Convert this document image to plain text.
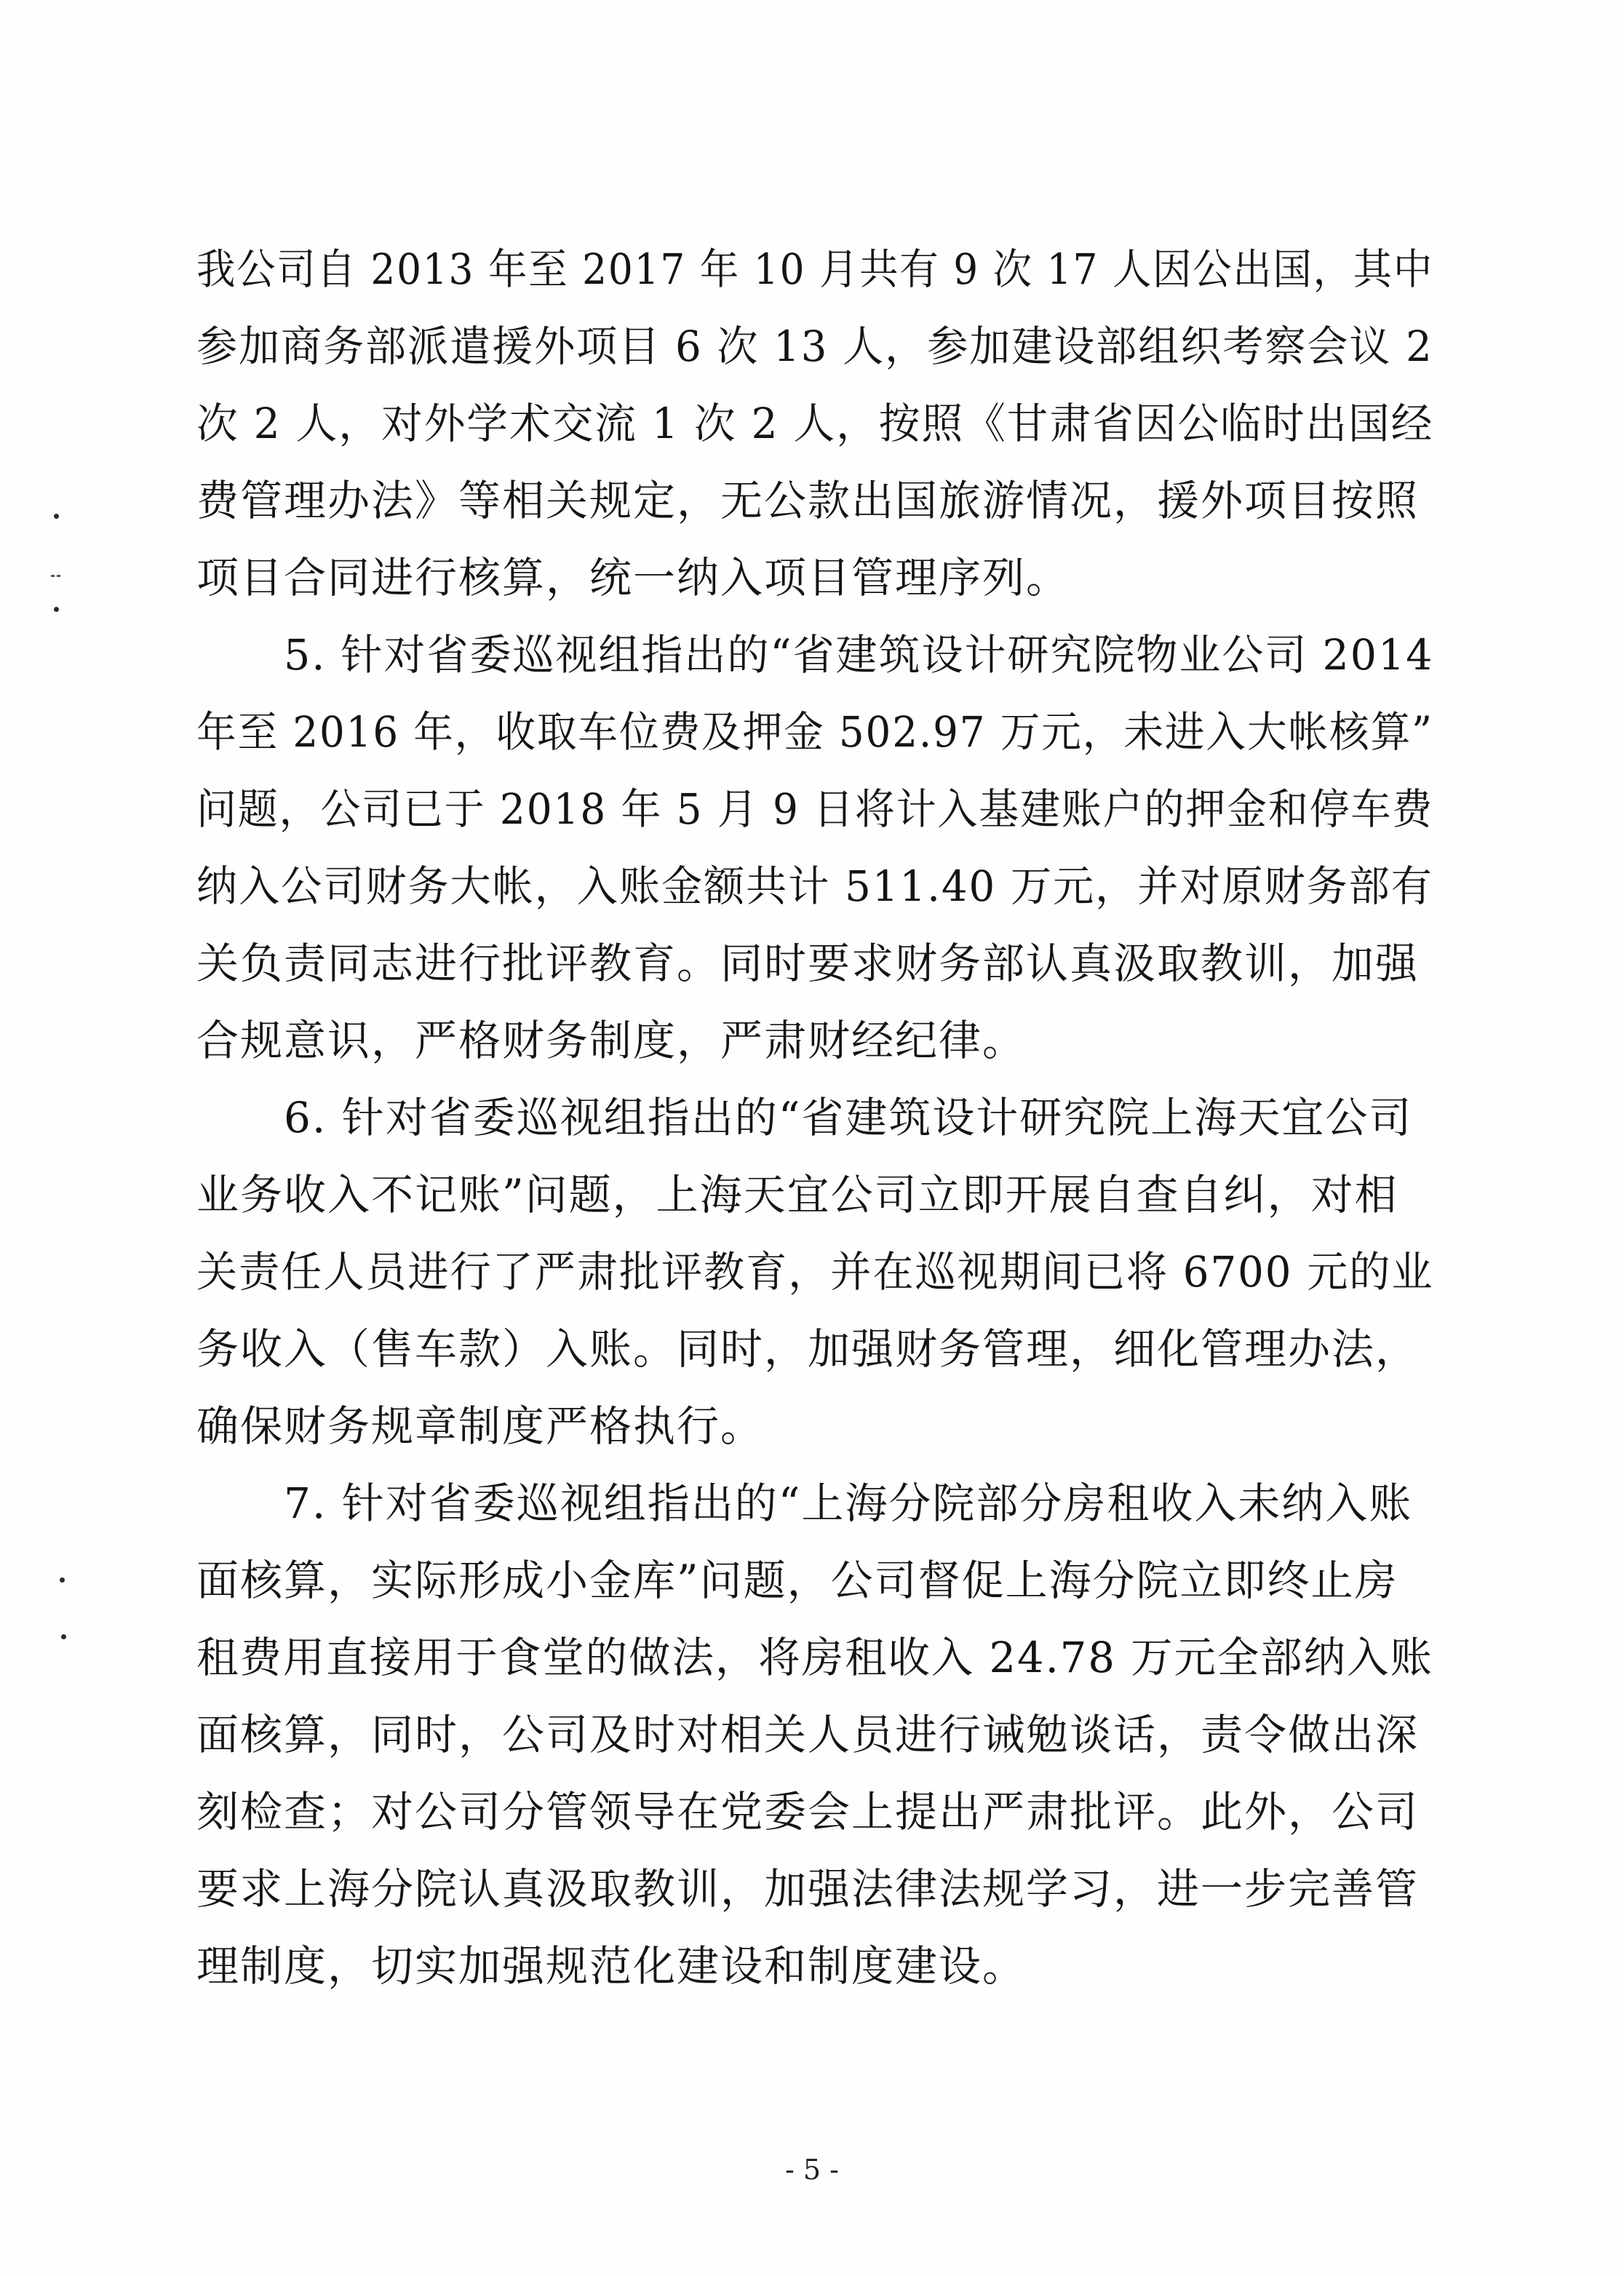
我公司自 2013 年至 2017 年 10 月共有 9 次 17 人因公出国，其中
参加商务部派遣援外项目 6 次 13 人，参加建设部组织考察会议 2
次 2 人，对外学术交流 1 次 2 人，按照《甘肃省因公临时出国经
费管理办法》等相关规定，无公款出国旅游情况，援外项目按照
项目合同进行核算，统一纳入项目管理序列。
5. 针对省委巡视组指出的“省建筑设计研究院物业公司 2014
年至 2016 年，收取车位费及押金 502.97 万元，未进入大帐核算”
问题，公司已于 2018 年 5 月 9 日将计入基建账户的押金和停车费
纳入公司财务大帐，入账金额共计 511.40 万元，并对原财务部有
关负责同志进行批评教育。同时要求财务部认真汲取教训，加强
合规意识，严格财务制度，严肃财经纪律。
6. 针对省委巡视组指出的“省建筑设计研究院上海天宜公司
业务收入不记账”问题，上海天宜公司立即开展自查自纠，对相
关责任人员进行了严肃批评教育，并在巡视期间已将 6700 元的业
务收入（售车款）入账。同时，加强财务管理，细化管理办法，
确保财务规章制度严格执行。
7. 针对省委巡视组指出的“上海分院部分房租收入未纳入账
面核算，实际形成小金库”问题，公司督促上海分院立即终止房
租费用直接用于食堂的做法，将房租收入 24.78 万元全部纳入账
面核算，同时，公司及时对相关人员进行诫勉谈话，责令做出深
刻检查；对公司分管领导在党委会上提出严肃批评。此外，公司
要求上海分院认真汲取教训，加强法律法规学习，进一步完善管
理制度，切实加强规范化建设和制度建设。
- 5 -
